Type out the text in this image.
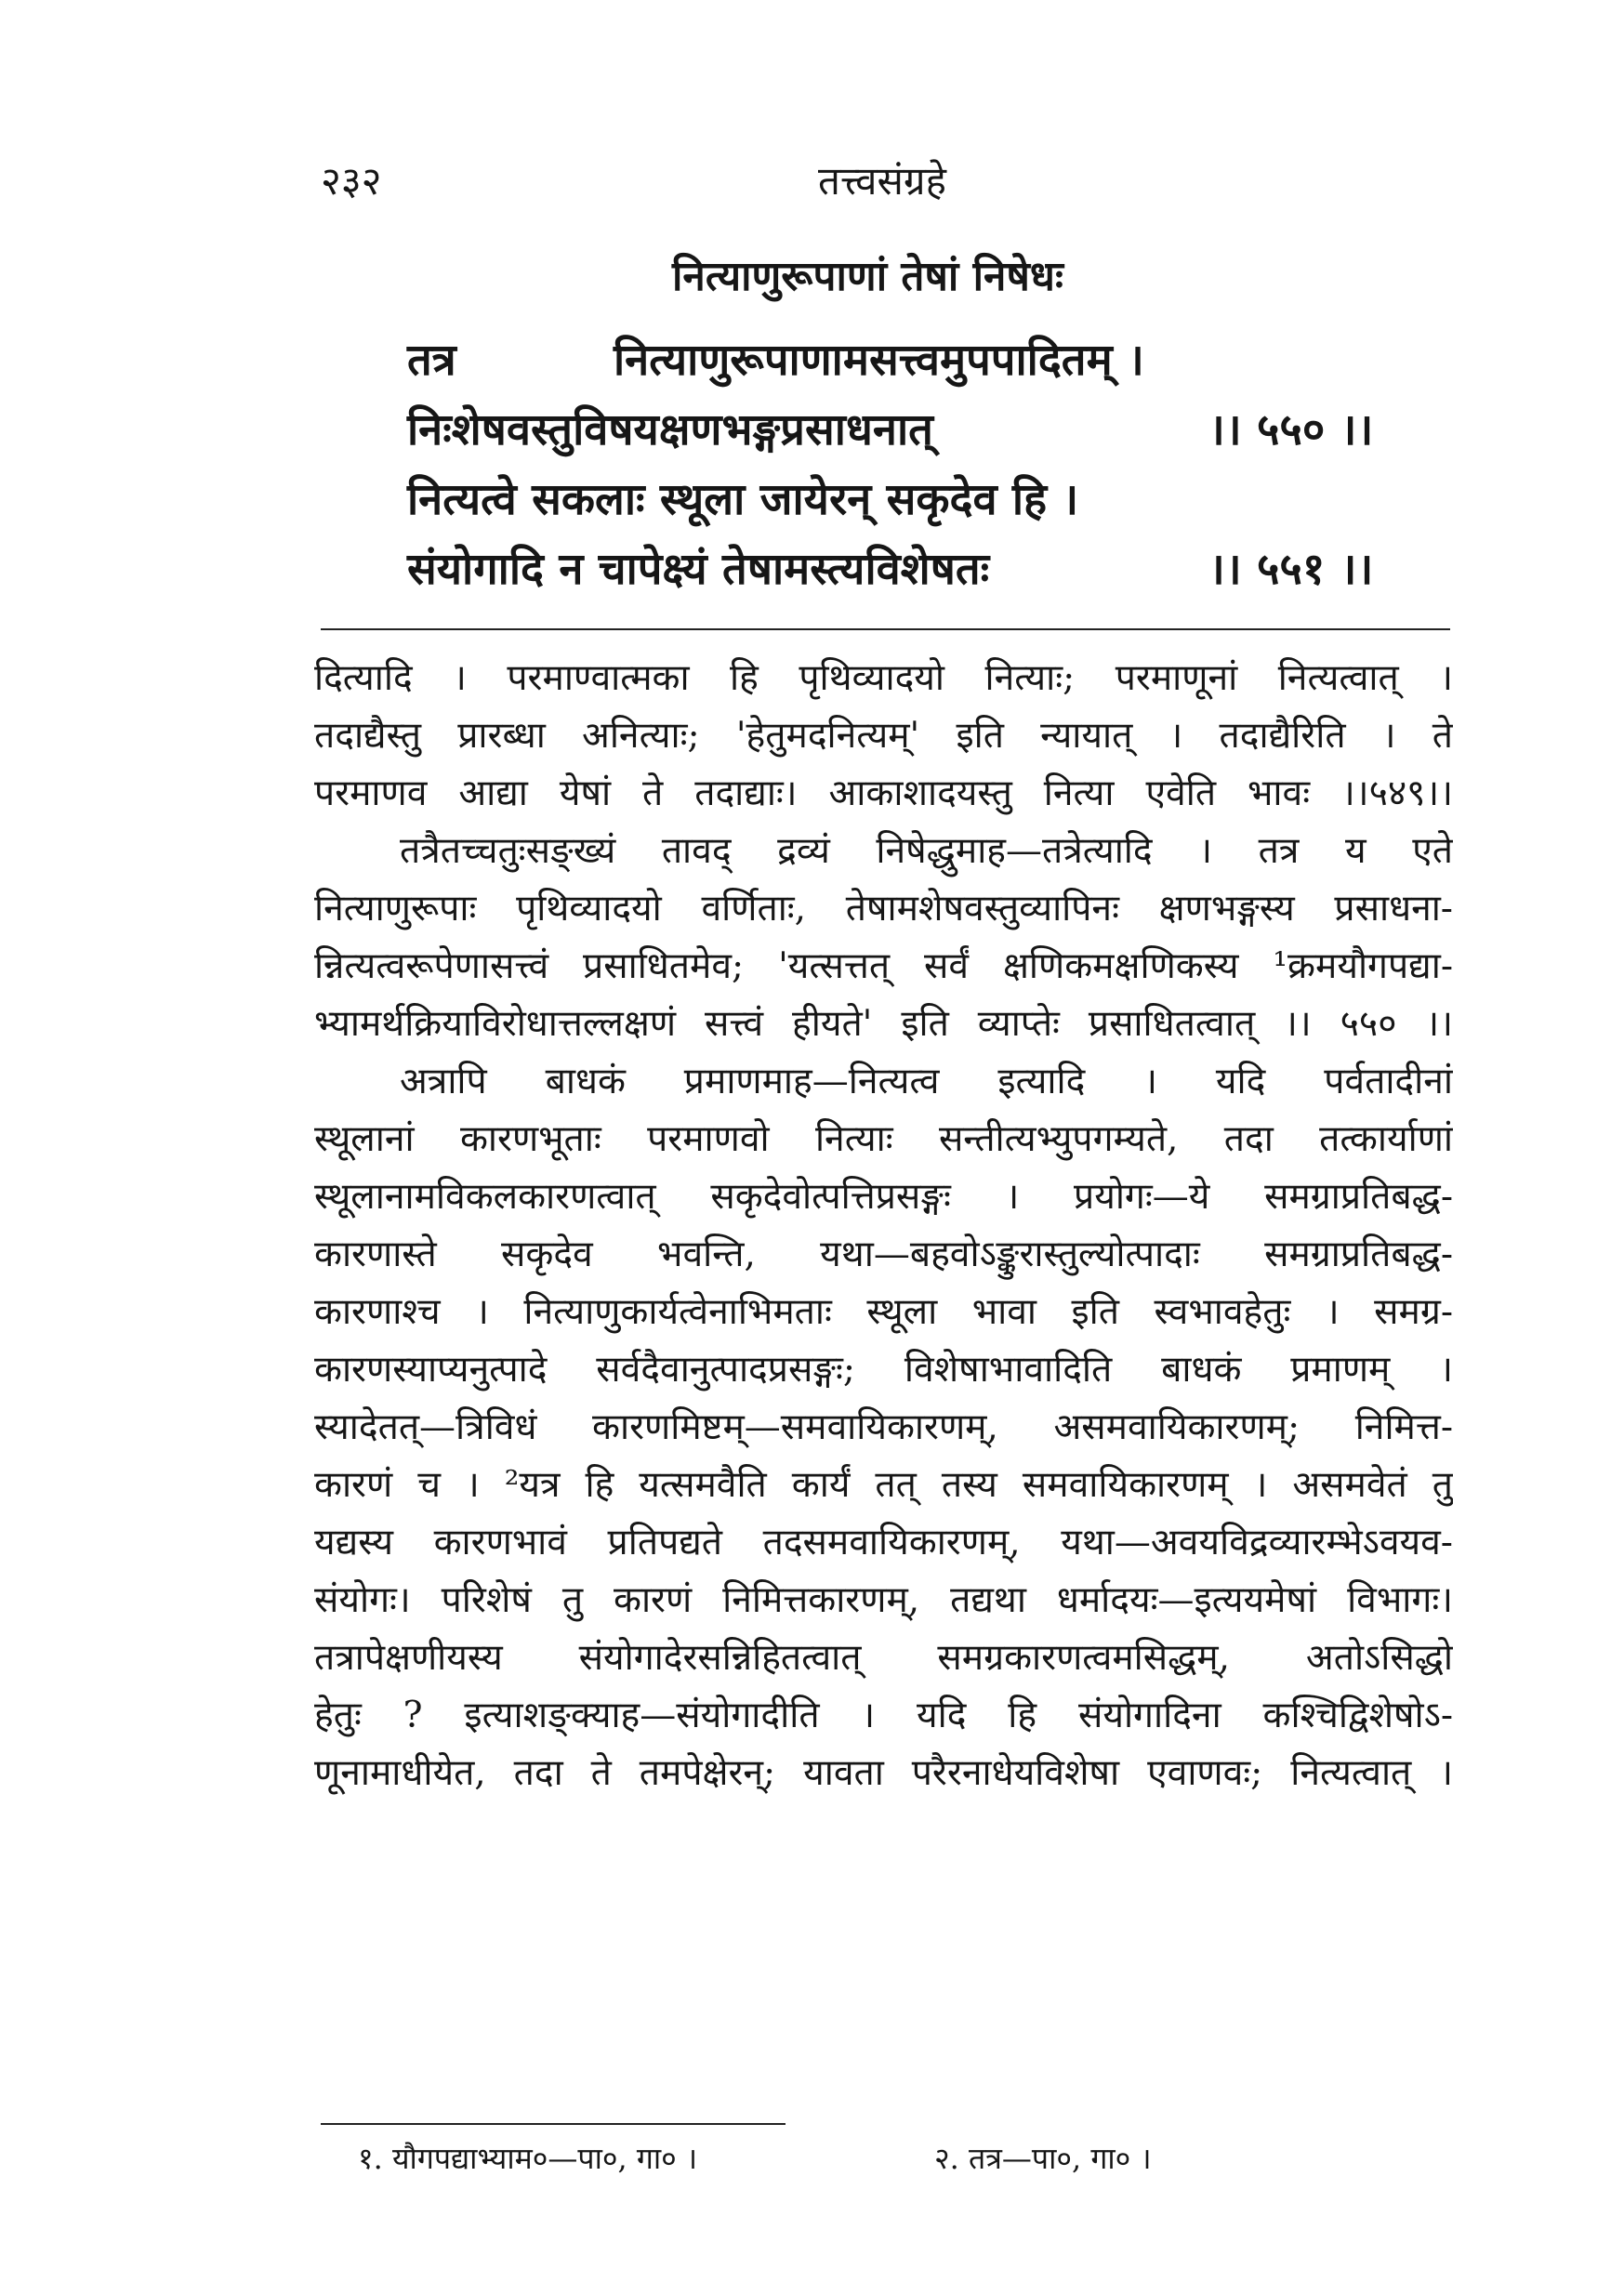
२३२	तत्त्वसंग्रहे
नित्याणुरूपाणां तेषां निषेधः
तत्र	नित्याणुरूपाणामसत्त्वमुपपादितम् ।
निःशेषवस्तुविषयक्षणभङ्गप्रसाधनात्	।। ५५० ।।
नित्यत्वे सकलाः स्थूला जायेरन् सकृदेव हि ।
संयोगादि न चापेक्ष्यं तेषामस्त्यविशेषतः	।। ५५१ ।।
दित्यादि । परमाण्वात्मका हि पृथिव्यादयो नित्याः; परमाणूनां नित्यत्वात् ।
तदाद्यैस्तु प्रारब्धा अनित्याः; 'हेतुमदनित्यम्' इति न्यायात् । तदाद्यैरिति । ते
परमाणव आद्या येषां ते तदाद्याः। आकाशादयस्तु नित्या एवेति भावः ।।५४९।।
तत्रैतच्चतुःसङ्ख्यं तावद् द्रव्यं निषेद्धुमाह—तत्रेत्यादि । तत्र य एते
नित्याणुरूपाः पृथिव्यादयो वर्णिताः, तेषामशेषवस्तुव्यापिनः क्षणभङ्गस्य प्रसाधना-
न्नित्यत्वरूपेणासत्त्वं प्रसाधितमेव; 'यत्सत्तत् सर्वं क्षणिकमक्षणिकस्य ¹क्रमयौगपद्या-
भ्यामर्थक्रियाविरोधात्तल्लक्षणं सत्त्वं हीयते' इति व्याप्तेः प्रसाधितत्वात् ।। ५५० ।।
अत्रापि बाधकं प्रमाणमाह—नित्यत्व इत्यादि । यदि पर्वतादीनां
स्थूलानां कारणभूताः परमाणवो नित्याः सन्तीत्यभ्युपगम्यते, तदा तत्कार्याणां
स्थूलानामविकलकारणत्वात् सकृदेवोत्पत्तिप्रसङ्गः । प्रयोगः—ये समग्राप्रतिबद्ध-
कारणास्ते सकृदेव भवन्ति, यथा—बहवोऽङ्कुरास्तुल्योत्पादाः समग्राप्रतिबद्ध-
कारणाश्च । नित्याणुकार्यत्वेनाभिमताः स्थूला भावा इति स्वभावहेतुः । समग्र-
कारणस्याप्यनुत्पादे सर्वदैवानुत्पादप्रसङ्गः; विशेषाभावादिति बाधकं प्रमाणम् ।
स्यादेतत्—त्रिविधं कारणमिष्टम्—समवायिकारणम्, असमवायिकारणम्; निमित्त-
कारणं च । ²यत्र हि यत्समवैति कार्यं तत् तस्य समवायिकारणम् । असमवेतं तु
यद्यस्य कारणभावं प्रतिपद्यते तदसमवायिकारणम्, यथा—अवयविद्रव्यारम्भेऽवयव-
संयोगः। परिशेषं तु कारणं निमित्तकारणम्, तद्यथा धर्मादयः—इत्ययमेषां विभागः।
तत्रापेक्षणीयस्य संयोगादेरसन्निहितत्वात् समग्रकारणत्वमसिद्धम्, अतोऽसिद्धो
हेतुः ? इत्याशङ्क्याह—संयोगादीति । यदि हि संयोगादिना कश्चिद्विशेषोऽ-
णूनामाधीयेत, तदा ते तमपेक्षेरन्; यावता परैरनाधेयविशेषा एवाणवः; नित्यत्वात् ।
१. यौगपद्याभ्याम०—पा०, गा० ।	२. तत्र—पा०, गा० ।
